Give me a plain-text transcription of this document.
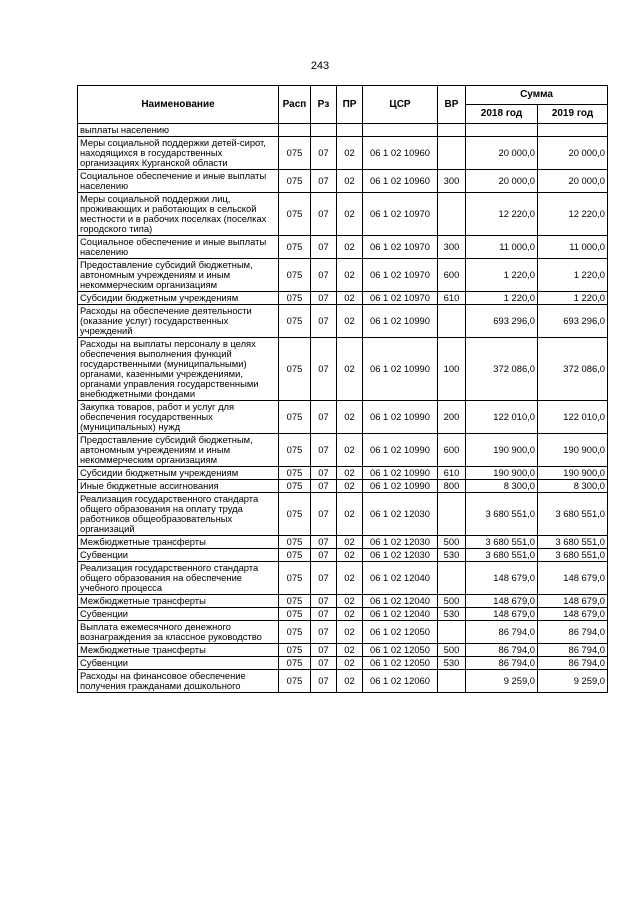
243
Наименование	Расп	Рз	ПР	ЦСР	ВР	Сумма	
						2018 год	2019 год
выплаты населению							
Меры социальной поддержки детей-сирот, находящихся в государственных организациях Курганской области	075	07	02	06 1 02 10960		20 000,0	20 000,0
Социальное обеспечение и иные выплаты населению	075	07	02	06 1 02 10960	300	20 000,0	20 000,0
Меры социальной поддержки лиц, проживающих и работающих в сельской местности и в рабочих поселках (поселках городского типа)	075	07	02	06 1 02 10970		12 220,0	12 220,0
Социальное обеспечение и иные выплаты населению	075	07	02	06 1 02 10970	300	11 000,0	11 000,0
Предоставление субсидий бюджетным, автономным учреждениям и иным некоммерческим организациям	075	07	02	06 1 02 10970	600	1 220,0	1 220,0
Субсидии бюджетным учреждениям	075	07	02	06 1 02 10970	610	1 220,0	1 220,0
Расходы на обеспечение деятельности (оказание услуг) государственных учреждений	075	07	02	06 1 02 10990		693 296,0	693 296,0
Расходы на выплаты персоналу в целях обеспечения выполнения функций государственными (муниципальными) органами, казенными учреждениями, органами управления государственными внебюджетными фондами	075	07	02	06 1 02 10990	100	372 086,0	372 086,0
Закупка товаров, работ и услуг для обеспечения государственных (муниципальных) нужд	075	07	02	06 1 02 10990	200	122 010,0	122 010,0
Предоставление субсидий бюджетным, автономным учреждениям и иным некоммерческим организациям	075	07	02	06 1 02 10990	600	190 900,0	190 900,0
Субсидии бюджетным учреждениям	075	07	02	06 1 02 10990	610	190 900,0	190 900,0
Иные бюджетные ассигнования	075	07	02	06 1 02 10990	800	8 300,0	8 300,0
Реализация государственного стандарта общего образования на оплату труда работников общеобразовательных организаций	075	07	02	06 1 02 12030		3 680 551,0	3 680 551,0
Межбюджетные трансферты	075	07	02	06 1 02 12030	500	3 680 551,0	3 680 551,0
Субвенции	075	07	02	06 1 02 12030	530	3 680 551,0	3 680 551,0
Реализация государственного стандарта общего образования на обеспечение учебного процесса	075	07	02	06 1 02 12040		148 679,0	148 679,0
Межбюджетные трансферты	075	07	02	06 1 02 12040	500	148 679,0	148 679,0
Субвенции	075	07	02	06 1 02 12040	530	148 679,0	148 679,0
Выплата ежемесячного денежного вознаграждения за классное руководство	075	07	02	06 1 02 12050		86 794,0	86 794,0
Межбюджетные трансферты	075	07	02	06 1 02 12050	500	86 794,0	86 794,0
Субвенции	075	07	02	06 1 02 12050	530	86 794,0	86 794,0
Расходы на финансовое обеспечение получения гражданами дошкольного	075	07	02	06 1 02 12060		9 259,0	9 259,0
